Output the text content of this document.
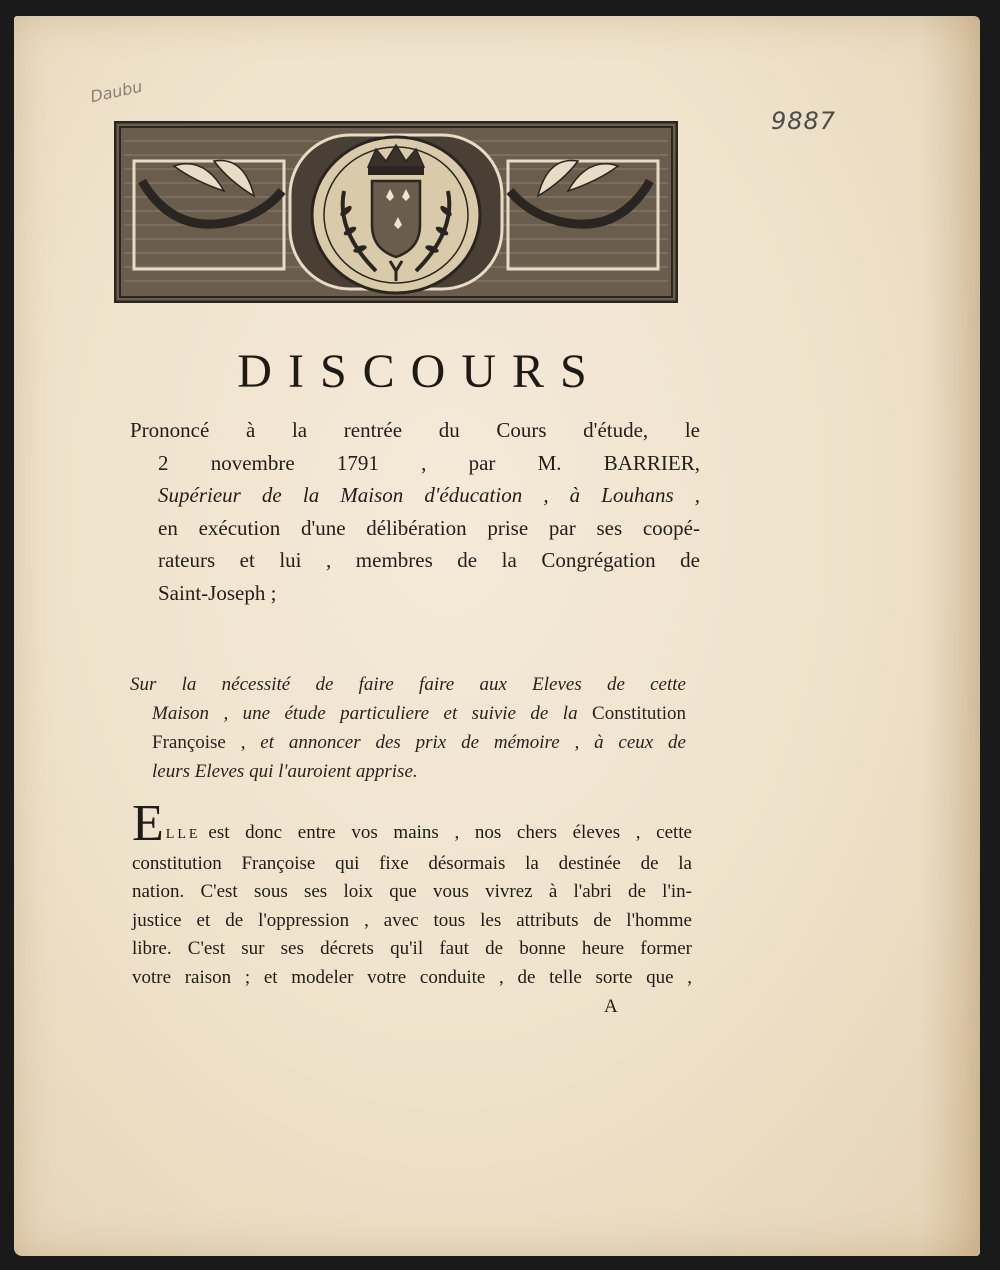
Daubu
9887
DISCOURS
Prononcé à la rentrée du Cours d'étude, le
2 novembre 1791 , par M. BARRIER,
Supérieur de la Maison d'éducation , à Louhans ,
en exécution d'une délibération prise par ses coopé-
rateurs et lui , membres de la Congrégation de
Saint-Joseph ;
Sur la nécessité de faire faire aux Eleves de cette
Maison , une étude particuliere et suivie de la Constitution
Françoise , et annoncer des prix de mémoire , à ceux de
leurs Eleves qui l'auroient apprise.
ELLE est donc entre vos mains , nos chers éleves , cette
constitution Françoise qui fixe désormais la destinée de la
nation. C'est sous ses loix que vous vivrez à l'abri de l'in-
justice et de l'oppression , avec tous les attributs de l'homme
libre. C'est sur ses décrets qu'il faut de bonne heure former
votre raison ; et modeler votre conduite , de telle sorte que ,
A
